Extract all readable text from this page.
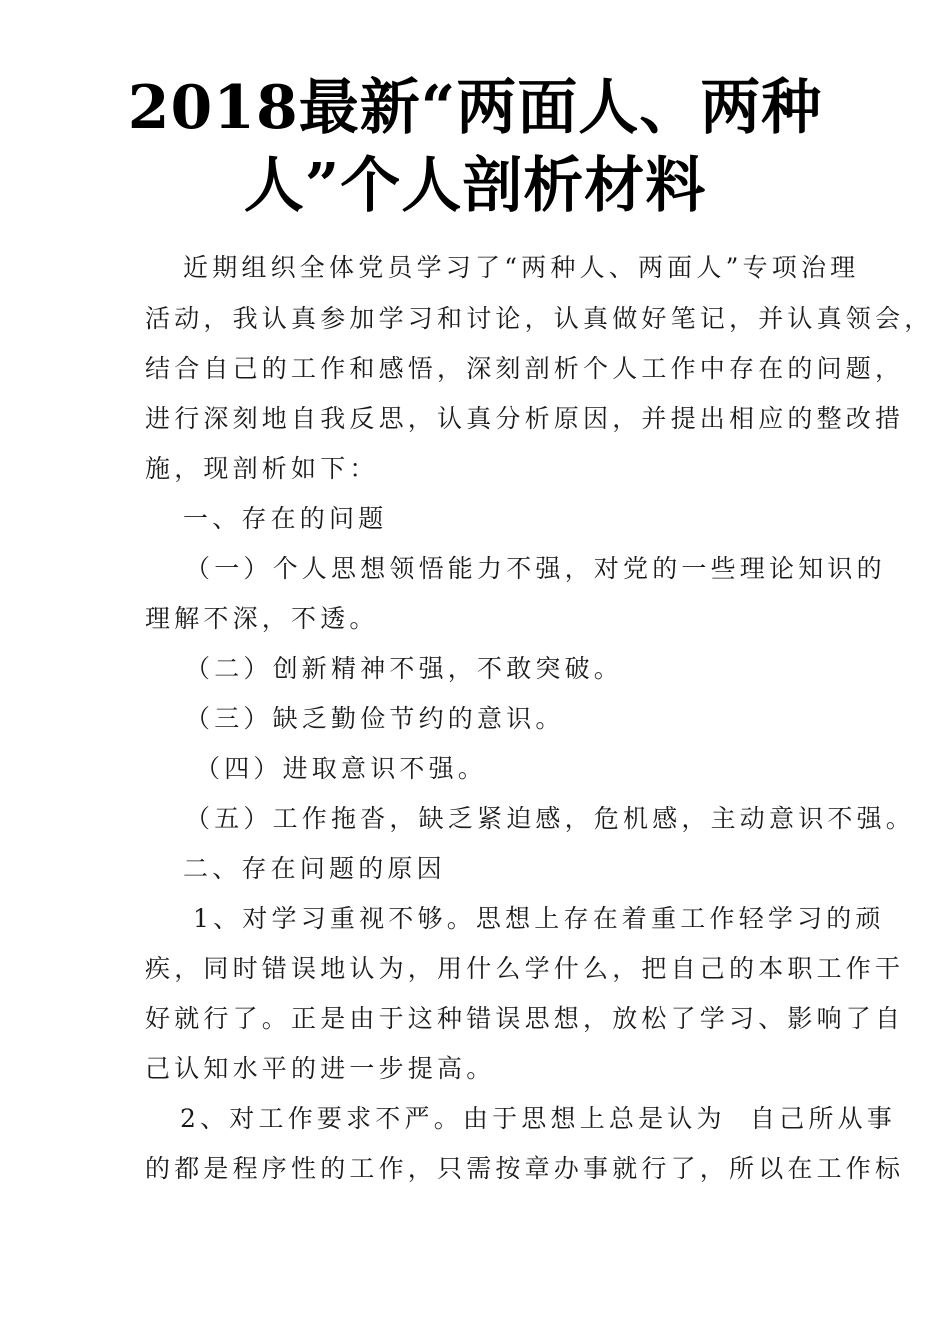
2018最新“两面人、两种
人”个人剖析材料
近期组织全体党员学习了“两种人、两面人”专项治理
活动，我认真参加学习和讨论，认真做好笔记，并认真领会，
结合自己的工作和感悟，深刻剖析个人工作中存在的问题，
进行深刻地自我反思，认真分析原因，并提出相应的整改措
施，现剖析如下：
一、存在的问题
（一）个人思想领悟能力不强，对党的一些理论知识的
理解不深，不透。
（二）创新精神不强，不敢突破。
（三）缺乏勤俭节约的意识。
（四）进取意识不强。
（五）工作拖沓，缺乏紧迫感，危机感，主动意识不强。
二、存在问题的原因
1、对学习重视不够。思想上存在着重工作轻学习的顽
疾，同时错误地认为，用什么学什么，把自己的本职工作干
好就行了。正是由于这种错误思想，放松了学习、影响了自
己认知水平的进一步提高。
2、对工作要求不严。由于思想上总是认为  自己所从事
的都是程序性的工作，只需按章办事就行了，所以在工作标
